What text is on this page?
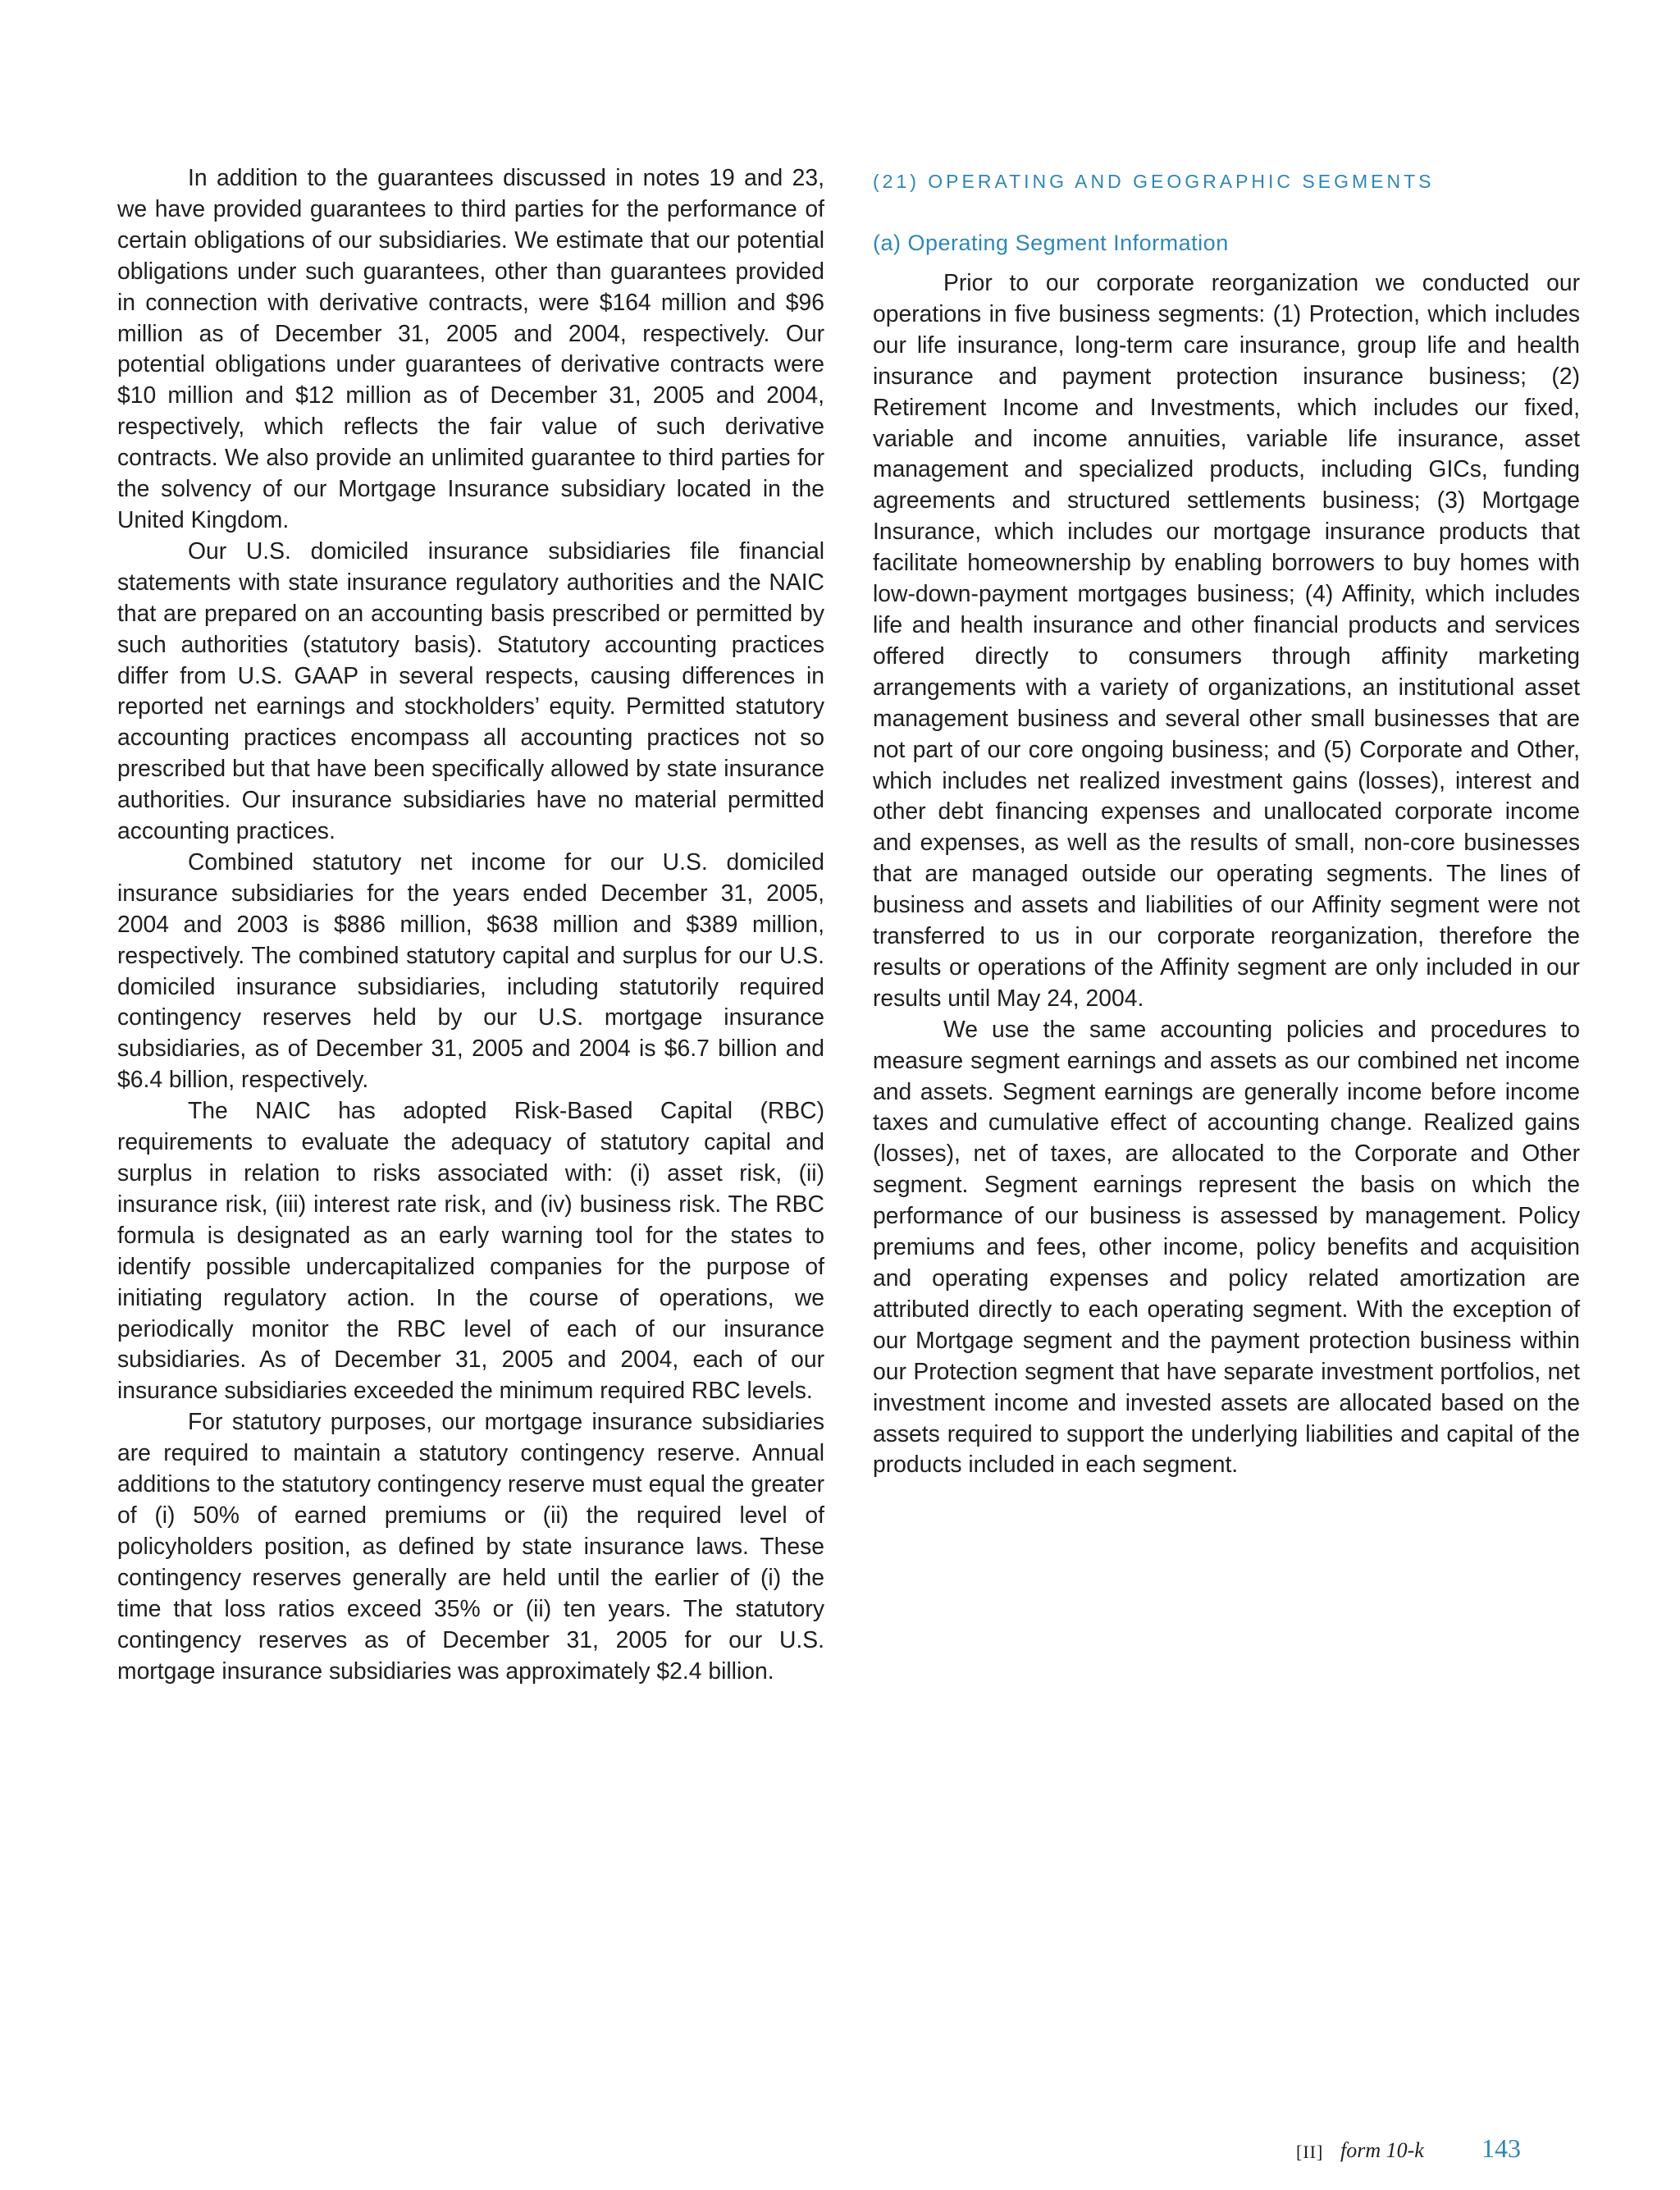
In addition to the guarantees discussed in notes 19 and 23, we have provided guarantees to third parties for the performance of certain obligations of our subsidiaries. We estimate that our potential obligations under such guarantees, other than guarantees provided in connection with derivative contracts, were $164 million and $96 million as of December 31, 2005 and 2004, respectively. Our potential obligations under guarantees of derivative contracts were $10 million and $12 million as of December 31, 2005 and 2004, respectively, which reflects the fair value of such derivative contracts. We also provide an unlimited guarantee to third parties for the solvency of our Mortgage Insurance subsidiary located in the United Kingdom.

Our U.S. domiciled insurance subsidiaries file financial statements with state insurance regulatory authorities and the NAIC that are prepared on an accounting basis prescribed or permitted by such authorities (statutory basis). Statutory accounting practices differ from U.S. GAAP in several respects, causing differences in reported net earnings and stockholders’ equity. Permitted statutory accounting practices encompass all accounting practices not so prescribed but that have been specifically allowed by state insurance authorities. Our insurance subsidiaries have no material permitted accounting practices.

Combined statutory net income for our U.S. domiciled insurance subsidiaries for the years ended December 31, 2005, 2004 and 2003 is $886 million, $638 million and $389 million, respectively. The combined statutory capital and surplus for our U.S. domiciled insurance subsidiaries, including statutorily required contingency reserves held by our U.S. mortgage insurance subsidiaries, as of December 31, 2005 and 2004 is $6.7 billion and $6.4 billion, respectively.

The NAIC has adopted Risk-Based Capital (RBC) requirements to evaluate the adequacy of statutory capital and surplus in relation to risks associated with: (i) asset risk, (ii) insurance risk, (iii) interest rate risk, and (iv) business risk. The RBC formula is designated as an early warning tool for the states to identify possible undercapitalized companies for the purpose of initiating regulatory action. In the course of operations, we periodically monitor the RBC level of each of our insurance subsidiaries. As of December 31, 2005 and 2004, each of our insurance subsidiaries exceeded the minimum required RBC levels.

For statutory purposes, our mortgage insurance subsidiaries are required to maintain a statutory contingency reserve. Annual additions to the statutory contingency reserve must equal the greater of (i) 50% of earned premiums or (ii) the required level of policyholders position, as defined by state insurance laws. These contingency reserves generally are held until the earlier of (i) the time that loss ratios exceed 35% or (ii) ten years. The statutory contingency reserves as of December 31, 2005 for our U.S. mortgage insurance subsidiaries was approximately $2.4 billion.

(21) OPERATING AND GEOGRAPHIC SEGMENTS
(a) Operating Segment Information

Prior to our corporate reorganization we conducted our operations in five business segments: (1) Protection, which includes our life insurance, long-term care insurance, group life and health insurance and payment protection insurance business; (2) Retirement Income and Investments, which includes our fixed, variable and income annuities, variable life insurance, asset management and specialized products, including GICs, funding agreements and structured settlements business; (3) Mortgage Insurance, which includes our mortgage insurance products that facilitate homeownership by enabling borrowers to buy homes with low-down-payment mortgages business; (4) Affinity, which includes life and health insurance and other financial products and services offered directly to consumers through affinity marketing arrangements with a variety of organizations, an institutional asset management business and several other small businesses that are not part of our core ongoing business; and (5) Corporate and Other, which includes net realized investment gains (losses), interest and other debt financing expenses and unallocated corporate income and expenses, as well as the results of small, non-core businesses that are managed outside our operating segments. The lines of business and assets and liabilities of our Affinity segment were not transferred to us in our corporate reorganization, therefore the results or operations of the Affinity segment are only included in our results until May 24, 2004.

We use the same accounting policies and procedures to measure segment earnings and assets as our combined net income and assets. Segment earnings are generally income before income taxes and cumulative effect of accounting change. Realized gains (losses), net of taxes, are allocated to the Corporate and Other segment. Segment earnings represent the basis on which the performance of our business is assessed by management. Policy premiums and fees, other income, policy benefits and acquisition and operating expenses and policy related amortization are attributed directly to each operating segment. With the exception of our Mortgage segment and the payment protection business within our Protection segment that have separate investment portfolios, net investment income and invested assets are allocated based on the assets required to support the underlying liabilities and capital of the products included in each segment.

[II] form 10-k 143
